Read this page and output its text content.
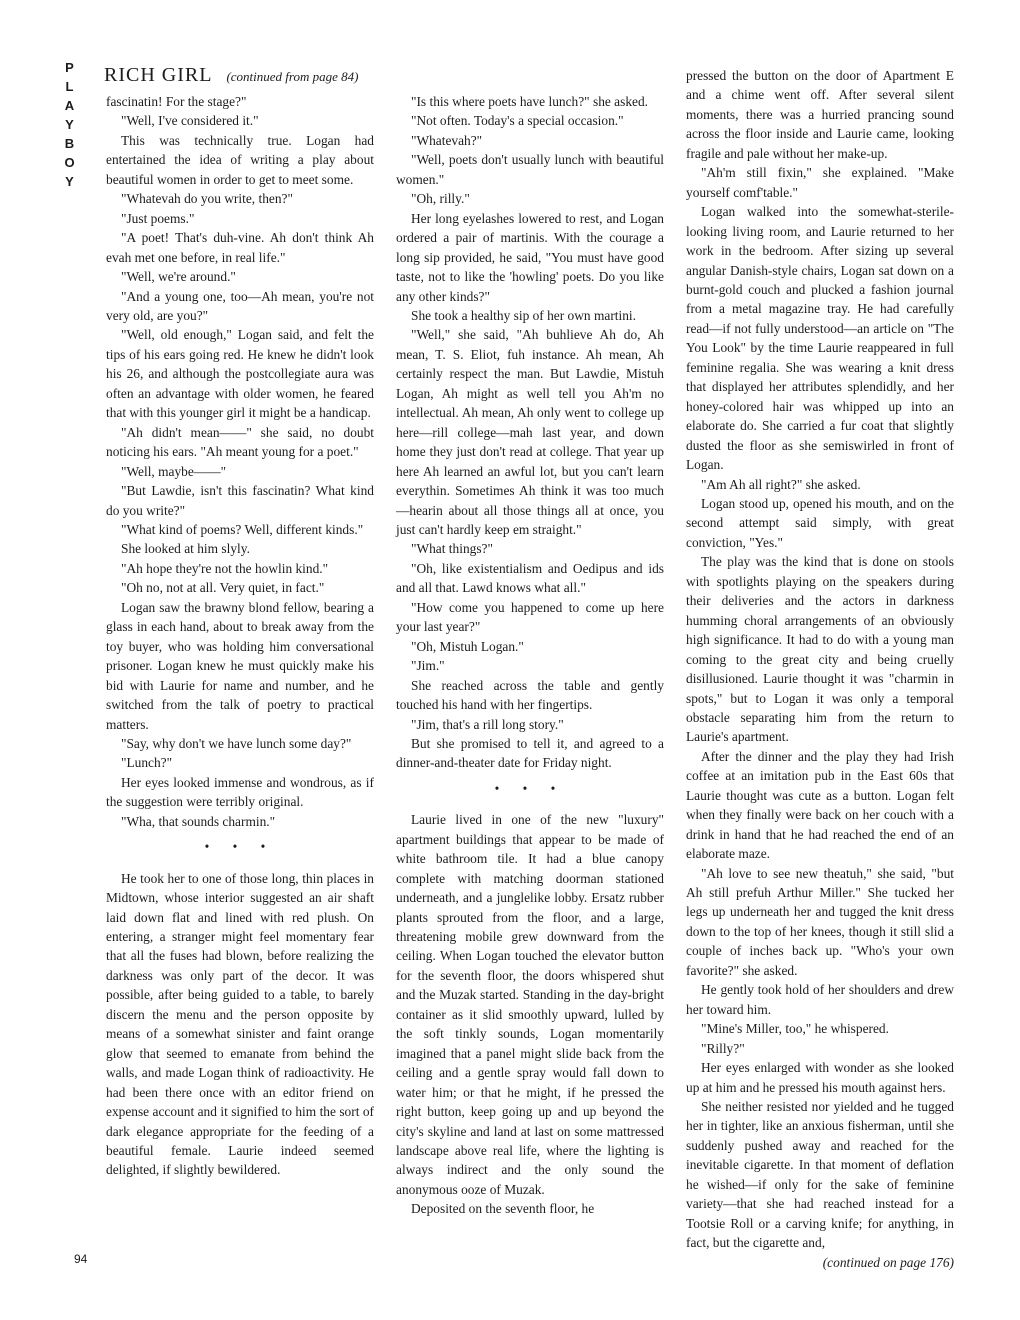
P
L
A
Y
B
O
Y
RICH GIRL (continued from page 84)

fascinatin! For the stage?"

"Well, I've considered it."

This was technically true. Logan had entertained the idea of writing a play about beautiful women in order to get to meet some.

"Whatevah do you write, then?"

"Just poems."

"A poet! That's duh-vine. Ah don't think Ah evah met one before, in real life."

"Well, we're around."

"And a young one, too—Ah mean, you're not very old, are you?"

"Well, old enough," Logan said, and felt the tips of his ears going red. He knew he didn't look his 26, and although the postcollegiate aura was often an advantage with older women, he feared that with this younger girl it might be a handicap.

"Ah didn't mean——" she said, no doubt noticing his ears. "Ah meant young for a poet."

"Well, maybe——"

"But Lawdie, isn't this fascinatin? What kind do you write?"

"What kind of poems? Well, different kinds."

She looked at him slyly.

"Ah hope they're not the howlin kind."

"Oh no, not at all. Very quiet, in fact."

Logan saw the brawny blond fellow, bearing a glass in each hand, about to break away from the toy buyer, who was holding him conversational prisoner. Logan knew he must quickly make his bid with Laurie for name and number, and he switched from the talk of poetry to practical matters.

"Say, why don't we have lunch some day?"

"Lunch?"

Her eyes looked immense and wondrous, as if the suggestion were terribly original.

"Wha, that sounds charmin."

• • •

He took her to one of those long, thin places in Midtown, whose interior suggested an air shaft laid down flat and lined with red plush. On entering, a stranger might feel momentary fear that all the fuses had blown, before realizing the darkness was only part of the decor. It was possible, after being guided to a table, to barely discern the menu and the person opposite by means of a somewhat sinister and faint orange glow that seemed to emanate from behind the walls, and made Logan think of radioactivity. He had been there once with an editor friend on expense account and it signified to him the sort of dark elegance appropriate for the feeding of a beautiful female. Laurie indeed seemed delighted, if slightly bewildered.

"Is this where poets have lunch?" she asked.

"Not often. Today's a special occasion."

"Whatevah?"

"Well, poets don't usually lunch with beautiful women."

"Oh, rilly."

Her long eyelashes lowered to rest, and Logan ordered a pair of martinis. With the courage a long sip provided, he said, "You must have good taste, not to like the 'howling' poets. Do you like any other kinds?"

She took a healthy sip of her own martini.

"Well," she said, "Ah buhlieve Ah do, Ah mean, T. S. Eliot, fuh instance. Ah mean, Ah certainly respect the man. But Lawdie, Mistuh Logan, Ah might as well tell you Ah'm no intellectual. Ah mean, Ah only went to college up here—rill college—mah last year, and down home they just don't read at college. That year up here Ah learned an awful lot, but you can't learn everythin. Sometimes Ah think it was too much—hearin about all those things all at once, you just can't hardly keep em straight."

"What things?"

"Oh, like existentialism and Oedipus and ids and all that. Lawd knows what all."

"How come you happened to come up here your last year?"

"Oh, Mistuh Logan."

"Jim."

She reached across the table and gently touched his hand with her fingertips.

"Jim, that's a rill long story."

But she promised to tell it, and agreed to a dinner-and-theater date for Friday night.

• • •

Laurie lived in one of the new "luxury" apartment buildings that appear to be made of white bathroom tile. It had a blue canopy complete with matching doorman stationed underneath, and a junglelike lobby. Ersatz rubber plants sprouted from the floor, and a large, threatening mobile grew downward from the ceiling. When Logan touched the elevator button for the seventh floor, the doors whispered shut and the Muzak started. Standing in the day-bright container as it slid smoothly upward, lulled by the soft tinkly sounds, Logan momentarily imagined that a panel might slide back from the ceiling and a gentle spray would fall down to water him; or that he might, if he pressed the right button, keep going up and up beyond the city's skyline and land at last on some mattressed landscape above real life, where the lighting is always indirect and the only sound the anonymous ooze of Muzak.

Deposited on the seventh floor, he

pressed the button on the door of Apartment E and a chime went off. After several silent moments, there was a hurried prancing sound across the floor inside and Laurie came, looking fragile and pale without her make-up.

"Ah'm still fixin," she explained. "Make yourself comf'table."

Logan walked into the somewhat-sterile-looking living room, and Laurie returned to her work in the bedroom. After sizing up several angular Danish-style chairs, Logan sat down on a burnt-gold couch and plucked a fashion journal from a metal magazine tray. He had carefully read—if not fully understood—an article on "The You Look" by the time Laurie reappeared in full feminine regalia. She was wearing a knit dress that displayed her attributes splendidly, and her honey-colored hair was whipped up into an elaborate do. She carried a fur coat that slightly dusted the floor as she semiswirled in front of Logan.

"Am Ah all right?" she asked.

Logan stood up, opened his mouth, and on the second attempt said simply, with great conviction, "Yes."

The play was the kind that is done on stools with spotlights playing on the speakers during their deliveries and the actors in darkness humming choral arrangements of an obviously high significance. It had to do with a young man coming to the great city and being cruelly disillusioned. Laurie thought it was "charmin in spots," but to Logan it was only a temporal obstacle separating him from the return to Laurie's apartment.

After the dinner and the play they had Irish coffee at an imitation pub in the East 60s that Laurie thought was cute as a button. Logan felt when they finally were back on her couch with a drink in hand that he had reached the end of an elaborate maze.

"Ah love to see new theatuh," she said, "but Ah still prefuh Arthur Miller." She tucked her legs up underneath her and tugged the knit dress down to the top of her knees, though it still slid a couple of inches back up. "Who's your own favorite?" she asked.

He gently took hold of her shoulders and drew her toward him.

"Mine's Miller, too," he whispered.

"Rilly?"

Her eyes enlarged with wonder as she looked up at him and he pressed his mouth against hers.

She neither resisted nor yielded and he tugged her in tighter, like an anxious fisherman, until she suddenly pushed away and reached for the inevitable cigarette. In that moment of deflation he wished—if only for the sake of feminine variety—that she had reached instead for a Tootsie Roll or a carving knife; for anything, in fact, but the cigarette and,

(continued on page 176)

94
